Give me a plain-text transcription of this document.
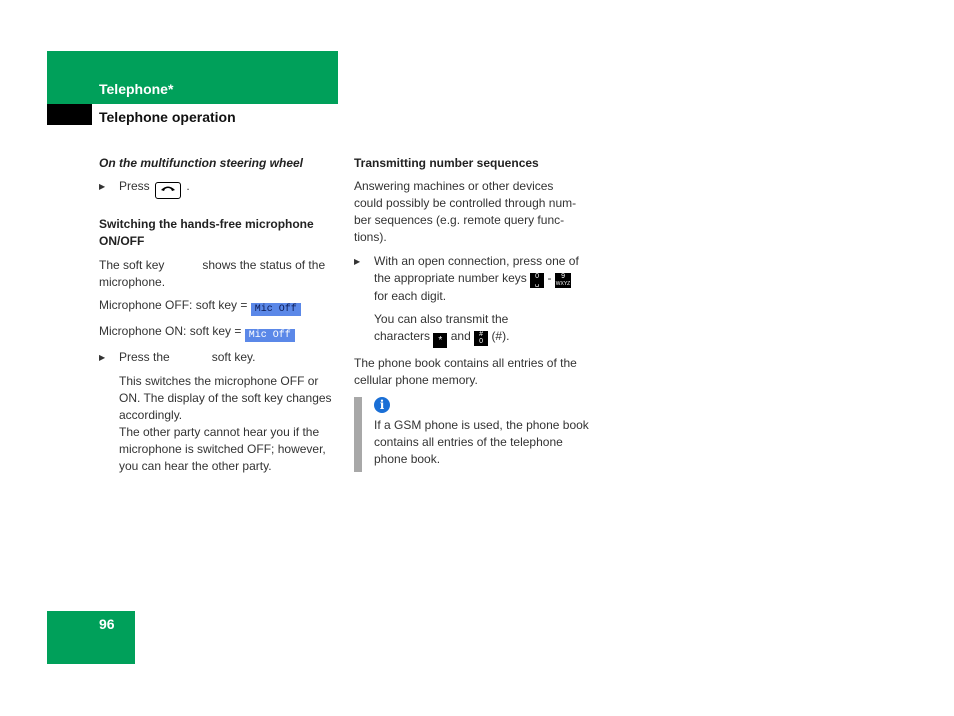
Telephone*
Telephone operation

On the multifunction steering wheel

▶ Press	.

Switching the hands-free microphone
ON/OFF

The soft key	shows the status of the
microphone.

Microphone OFF: soft key = Mic Off

Microphone ON: soft key = Mic Off

▶ Press the	soft key.

This switches the microphone OFF or
ON. The display of the soft key changes
accordingly.
The other party cannot hear you if the
microphone is switched OFF; however,
you can hear the other party.

Transmitting number sequences

Answering machines or other devices
could possibly be controlled through num-
ber sequences (e.g. remote query func-
tions).

▶ With an open connection, press one of
the appropriate number keys 0
␣ - 9
WXYZ
for each digit.

You can also transmit the
characters * and #
0 (#).

The phone book contains all entries of the
cellular phone memory.

i
If a GSM phone is used, the phone book
contains all entries of the telephone
phone book.
96
